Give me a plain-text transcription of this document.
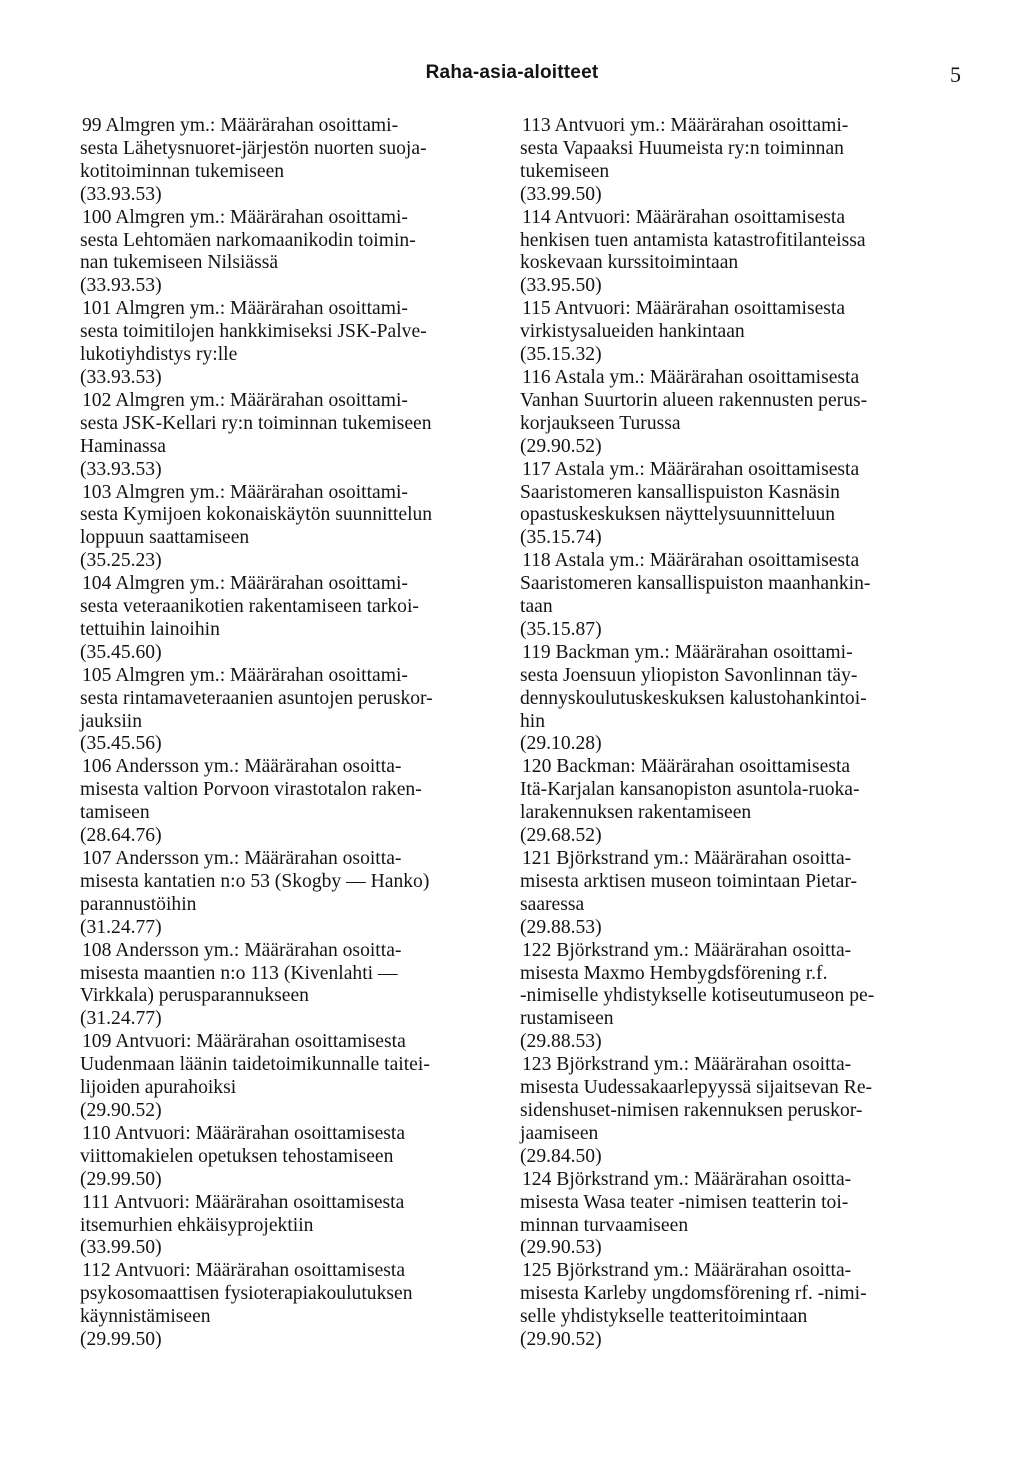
Raha-asia-aloitteet	5
99 Almgren ym.: Määrärahan osoittami-
sesta Lähetysnuoret-järjestön nuorten suoja-
kotitoiminnan tukemiseen
(33.93.53)
100 Almgren ym.: Määrärahan osoittami-
sesta Lehtomäen narkomaanikodin toimin-
nan tukemiseen Nilsiässä
(33.93.53)
101 Almgren ym.: Määrärahan osoittami-
sesta toimitilojen hankkimiseksi JSK-Palve-
lukotiyhdistys ry:lle
(33.93.53)
102 Almgren ym.: Määrärahan osoittami-
sesta JSK-Kellari ry:n toiminnan tukemiseen
Haminassa
(33.93.53)
103 Almgren ym.: Määrärahan osoittami-
sesta Kymijoen kokonaiskäytön suunnittelun
loppuun saattamiseen
(35.25.23)
104 Almgren ym.: Määrärahan osoittami-
sesta veteraanikotien rakentamiseen tarkoi-
tettuihin lainoihin
(35.45.60)
105 Almgren ym.: Määrärahan osoittami-
sesta rintamaveteraanien asuntojen peruskor-
jauksiin
(35.45.56)
106 Andersson ym.: Määrärahan osoitta-
misesta valtion Porvoon virastotalon raken-
tamiseen
(28.64.76)
107 Andersson ym.: Määrärahan osoitta-
misesta kantatien n:o 53 (Skogby — Hanko)
parannustöihin
(31.24.77)
108 Andersson ym.: Määrärahan osoitta-
misesta maantien n:o 113 (Kivenlahti —
Virkkala) perusparannukseen
(31.24.77)
109 Antvuori: Määrärahan osoittamisesta
Uudenmaan läänin taidetoimikunnalle taitei-
lijoiden apurahoiksi
(29.90.52)
110 Antvuori: Määrärahan osoittamisesta
viittomakielen opetuksen tehostamiseen
(29.99.50)
111 Antvuori: Määrärahan osoittamisesta
itsemurhien ehkäisyprojektiin
(33.99.50)
112 Antvuori: Määrärahan osoittamisesta
psykosomaattisen fysioterapiakoulutuksen
käynnistämiseen
(29.99.50)
113 Antvuori ym.: Määrärahan osoittami-
sesta Vapaaksi Huumeista ry:n toiminnan
tukemiseen
(33.99.50)
114 Antvuori: Määrärahan osoittamisesta
henkisen tuen antamista katastrofitilanteissa
koskevaan kurssitoimintaan
(33.95.50)
115 Antvuori: Määrärahan osoittamisesta
virkistysalueiden hankintaan
(35.15.32)
116 Astala ym.: Määrärahan osoittamisesta
Vanhan Suurtorin alueen rakennusten perus-
korjaukseen Turussa
(29.90.52)
117 Astala ym.: Määrärahan osoittamisesta
Saaristomeren kansallispuiston Kasnäsin
opastuskeskuksen näyttelysuunnitteluun
(35.15.74)
118 Astala ym.: Määrärahan osoittamisesta
Saaristomeren kansallispuiston maanhankin-
taan
(35.15.87)
119 Backman ym.: Määrärahan osoittami-
sesta Joensuun yliopiston Savonlinnan täy-
dennyskoulutuskeskuksen kalustohankintoi-
hin
(29.10.28)
120 Backman: Määrärahan osoittamisesta
Itä-Karjalan kansanopiston asuntola-ruoka-
larakennuksen rakentamiseen
(29.68.52)
121 Björkstrand ym.: Määrärahan osoitta-
misesta arktisen museon toimintaan Pietar-
saaressa
(29.88.53)
122 Björkstrand ym.: Määrärahan osoitta-
misesta Maxmo Hembygdsförening r.f.
-nimiselle yhdistykselle kotiseutumuseon pe-
rustamiseen
(29.88.53)
123 Björkstrand ym.: Määrärahan osoitta-
misesta Uudessakaarlepyyssä sijaitsevan Re-
sidenshuset-nimisen rakennuksen peruskor-
jaamiseen
(29.84.50)
124 Björkstrand ym.: Määrärahan osoitta-
misesta Wasa teater -nimisen teatterin toi-
minnan turvaamiseen
(29.90.53)
125 Björkstrand ym.: Määrärahan osoitta-
misesta Karleby ungdomsförening rf. -nimi-
selle yhdistykselle teatteritoimintaan
(29.90.52)
